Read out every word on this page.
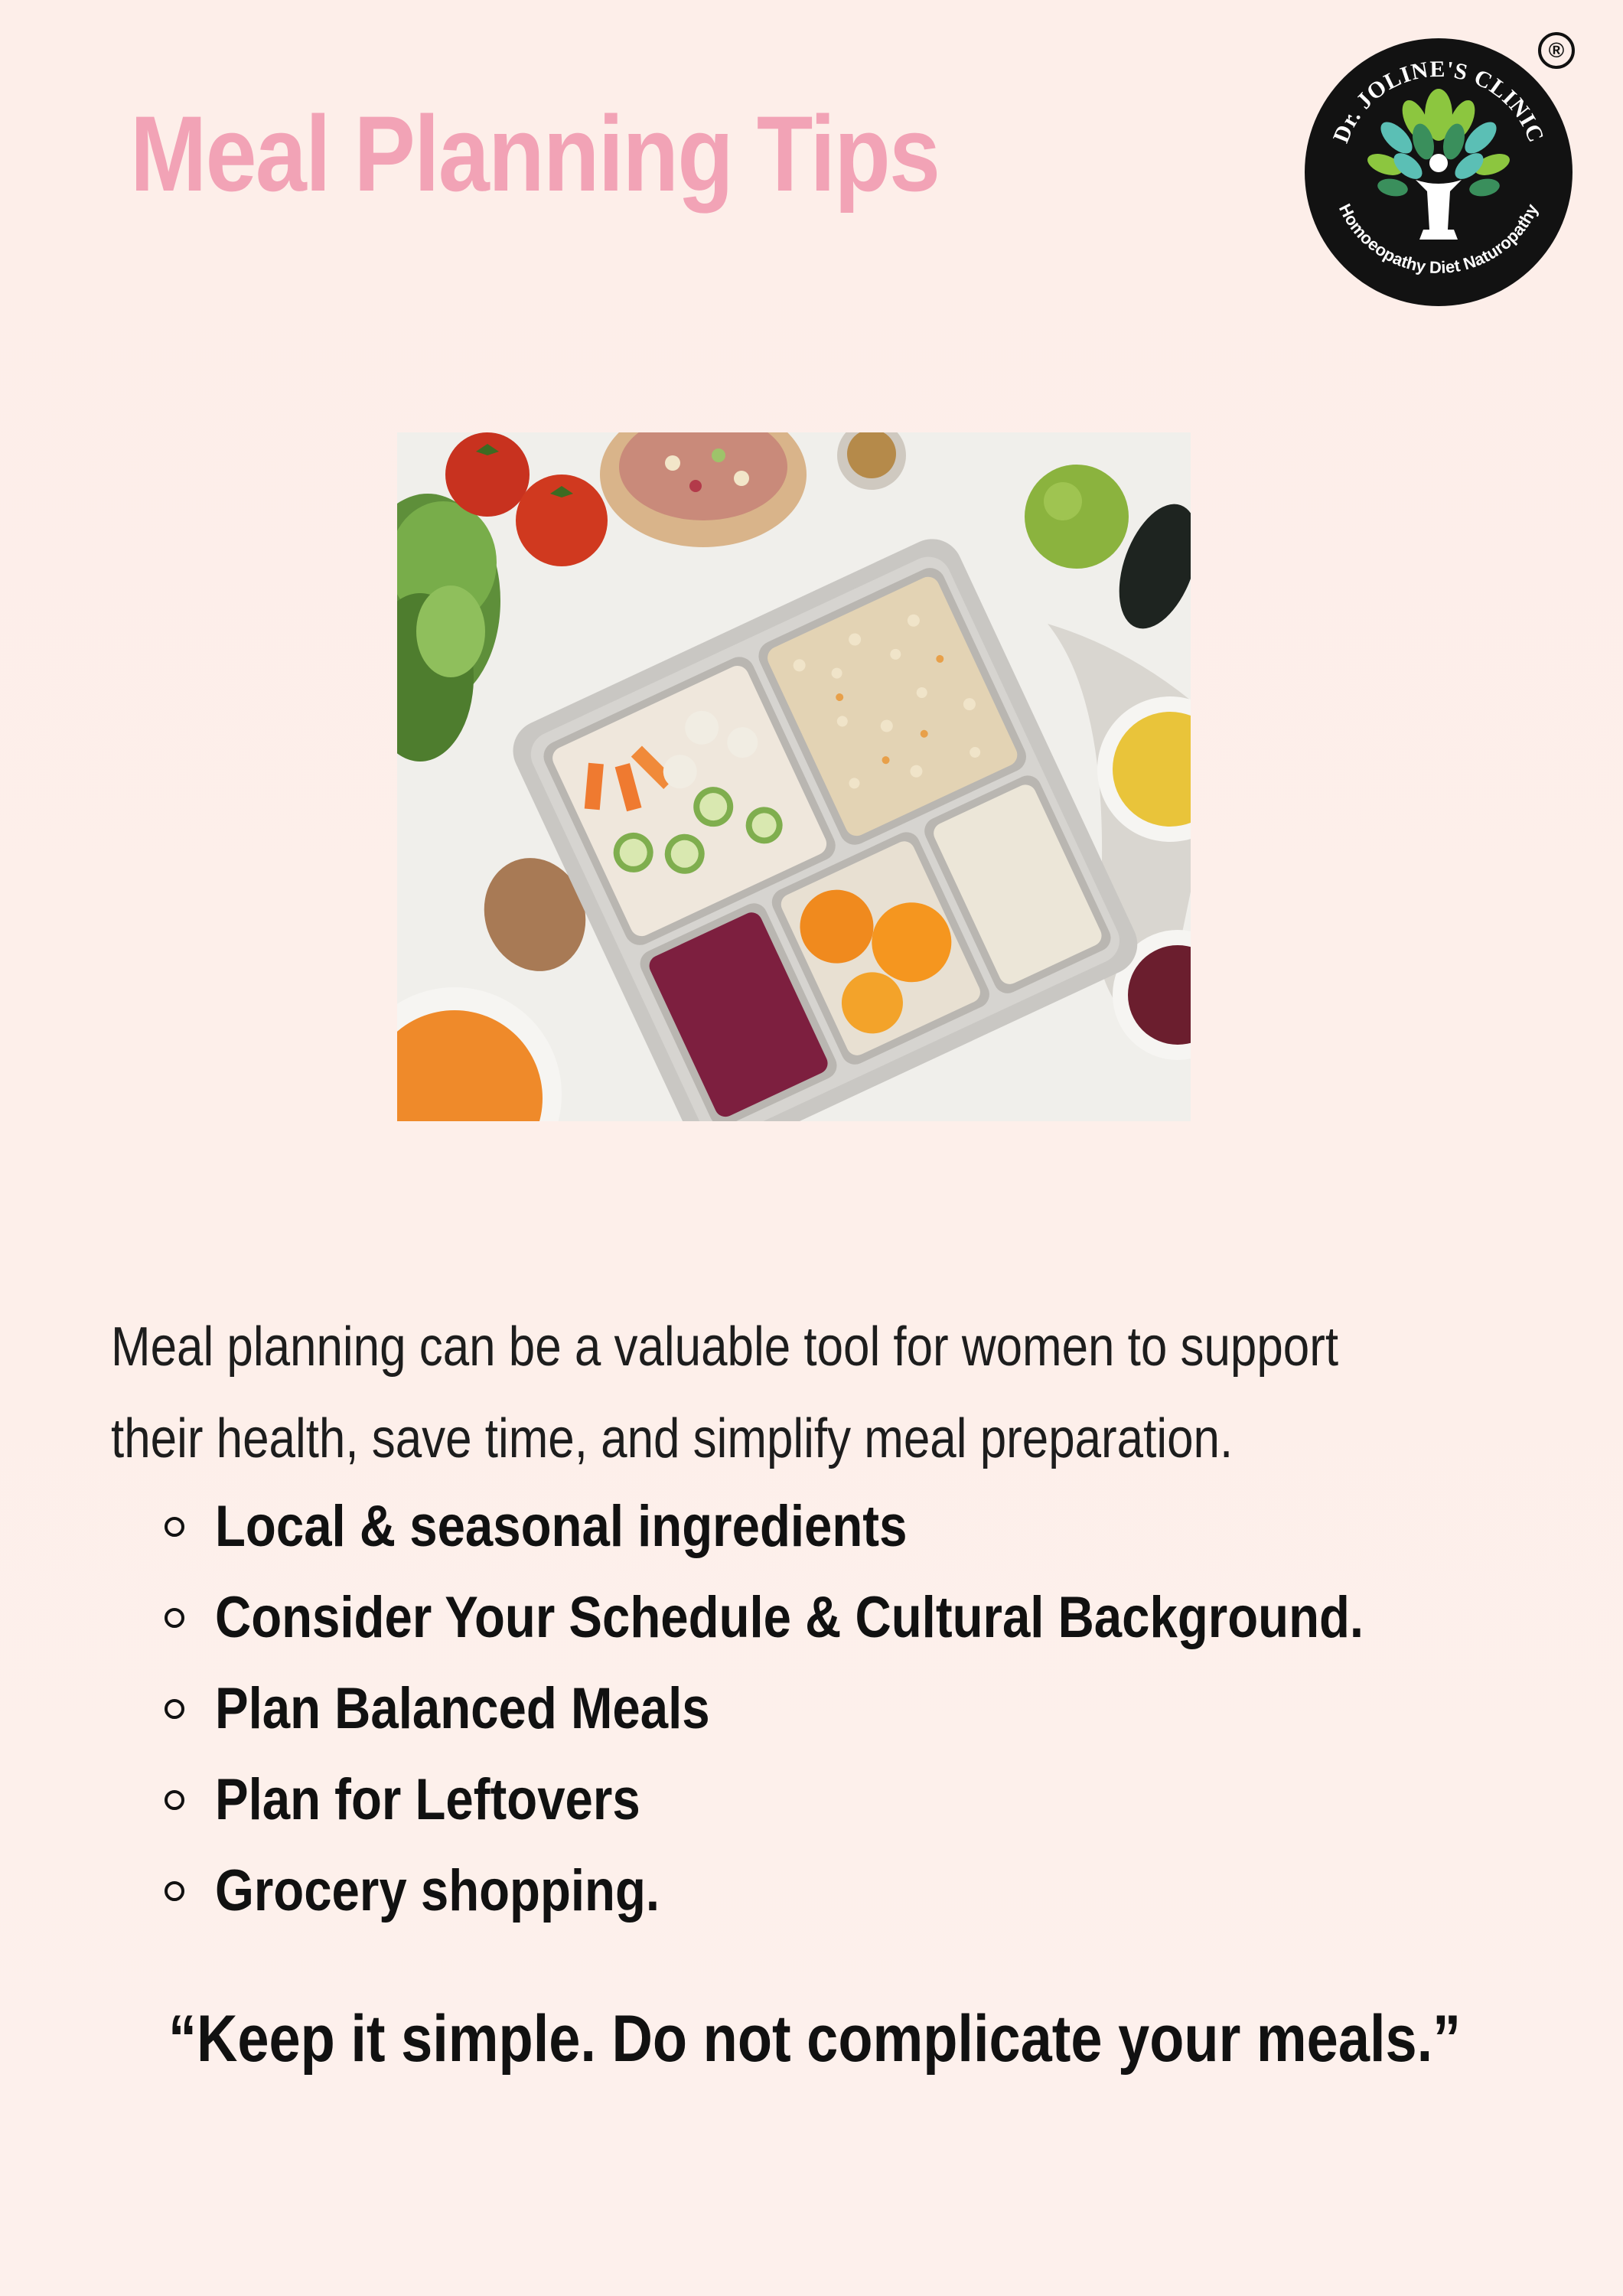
Meal Planning Tips	Dr. JOLINE'S CLINIC
Homoeopathy Diet Naturopathy
®

Meal planning can be a valuable tool for women to support
their health, save time, and simplify meal preparation.

Local & seasonal ingredients
Consider Your Schedule & Cultural Background.
Plan Balanced Meals
Plan for Leftovers
Grocery shopping.

“Keep it simple. Do not complicate your meals.”
